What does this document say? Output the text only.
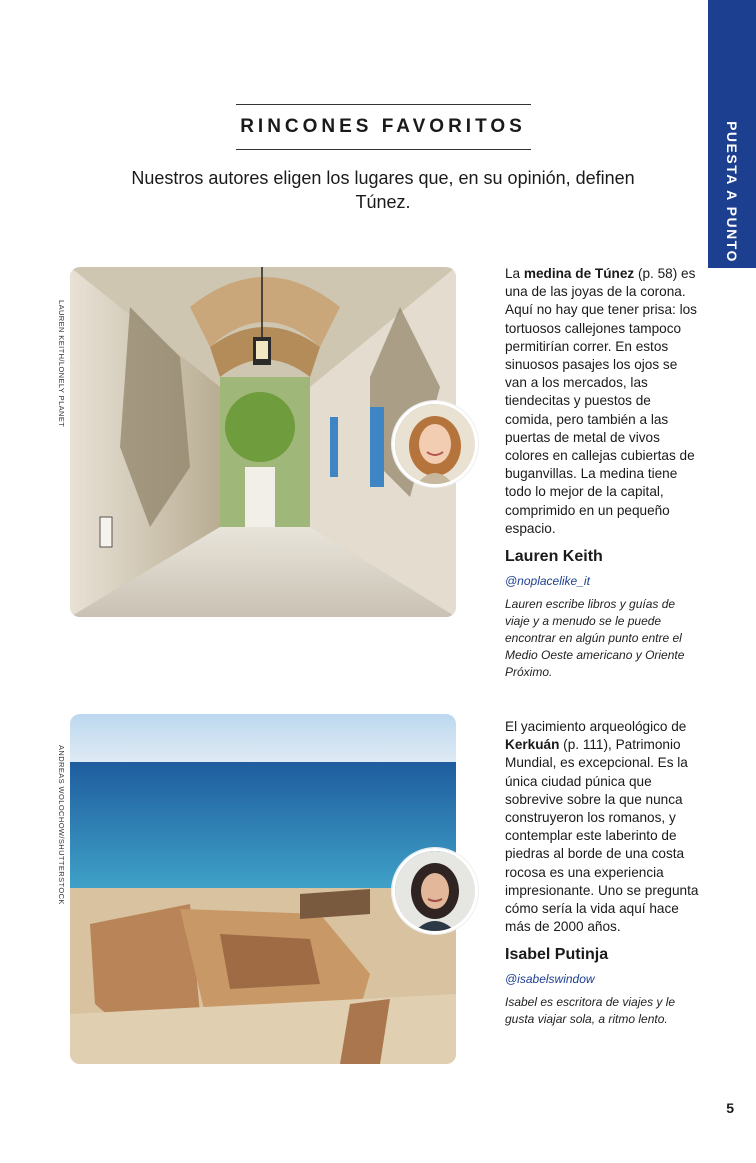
PUESTA A PUNTO
RINCONES FAVORITOS
Nuestros autores eligen los lugares que, en su opinión, definen Túnez.
LAUREN KEITH/LONELY PLANET

La medina de Túnez (p. 58) es una de las joyas de la corona. Aquí no hay que tener prisa: los tortuosos callejones tampoco permitirían correr. En estos sinuosos pasajes los ojos se van a los mercados, las tiendecitas y puestos de comida, pero también a las puertas de metal de vivos colores en callejas cubiertas de buganvillas. La medina tiene todo lo mejor de la capital, comprimido en un pequeño espacio.

Lauren Keith
@noplacelike_it

Lauren escribe libros y guías de viaje y a menudo se le puede encontrar en algún punto entre el Medio Oeste americano y Oriente Próximo.

ANDREAS WOLOCHOW/SHUTTERSTOCK

El yacimiento arqueológico de Kerkuán (p. 111), Patrimonio Mundial, es excepcional. Es la única ciudad púnica que sobrevive sobre la que nunca construyeron los romanos, y contemplar este laberinto de piedras al borde de una costa rocosa es una experiencia impresionante. Uno se pregunta cómo sería la vida aquí hace más de 2000 años.

Isabel Putinja
@isabelswindow

Isabel es escritora de viajes y le gusta viajar sola, a ritmo lento.

5
